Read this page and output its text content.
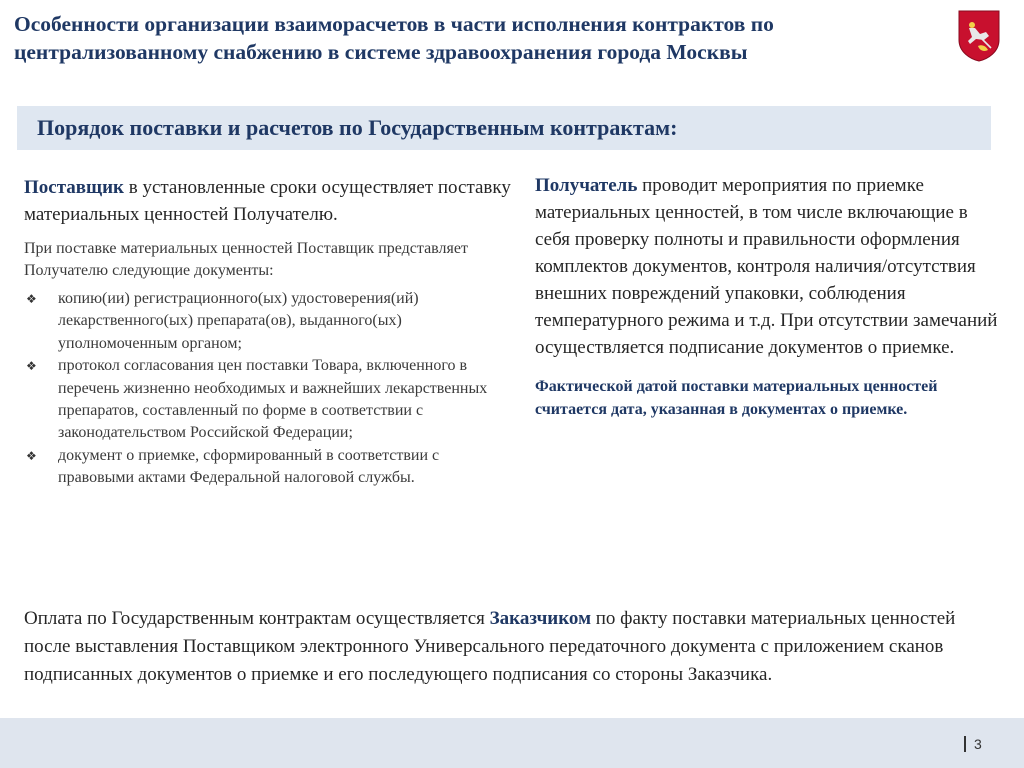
Особенности организации взаиморасчетов в части исполнения контрактов по централизованному снабжению в системе здравоохранения города Москвы
Порядок поставки и расчетов по Государственным контрактам:

Поставщик в установленные сроки осуществляет поставку материальных ценностей Получателю.

При поставке материальных ценностей Поставщик представляет Получателю следующие документы:

❖ копию(ии) регистрационного(ых) удостоверения(ий) лекарственного(ых) препарата(ов), выданного(ых) уполномоченным органом;
❖ протокол согласования цен поставки Товара, включенного в перечень жизненно необходимых и важнейших лекарственных препаратов, составленный по форме в соответствии с законодательством Российской Федерации;
❖ документ о приемке, сформированный в соответствии с правовыми актами Федеральной налоговой службы.

Получатель проводит мероприятия по приемке материальных ценностей, в том числе включающие в себя проверку полноты и правильности оформления комплектов документов, контроля наличия/отсутствия внешних повреждений упаковки, соблюдения температурного режима и т.д. При отсутствии замечаний осуществляется подписание документов о приемке.

Фактической датой поставки материальных ценностей считается дата, указанная в документах о приемке.

Оплата по Государственным контрактам осуществляется Заказчиком по факту поставки материальных ценностей после выставления Поставщиком электронного Универсального передаточного документа с приложением сканов подписанных документов о приемке и его последующего подписания со стороны Заказчика.

3
